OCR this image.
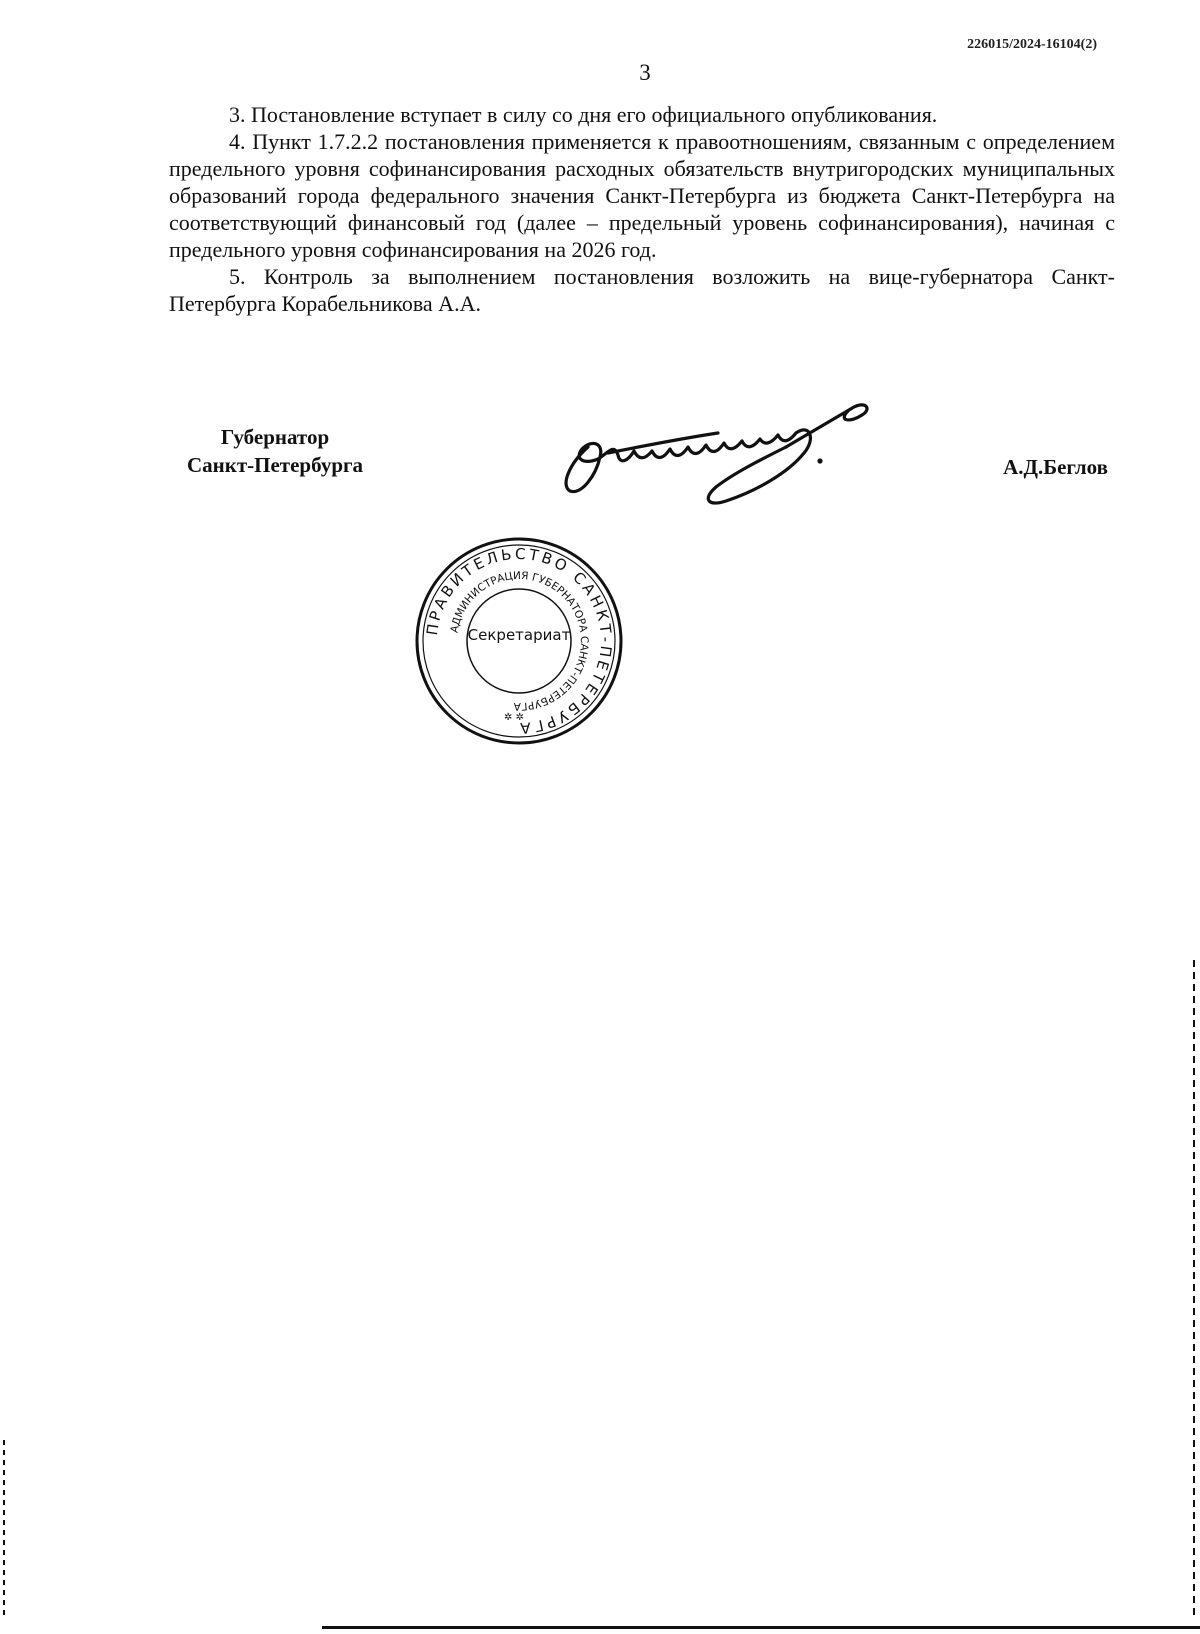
226015/2024-16104(2)
3

3. Постановление вступает в силу со дня его официального опубликования.

4. Пункт 1.7.2.2 постановления применяется к правоотношениям, связанным с определением предельного уровня софинансирования расходных обязательств внутригородских муниципальных образований города федерального значения Санкт-Петербурга из бюджета Санкт-Петербурга на соответствующий финансовый год (далее – предельный уровень софинансирования), начиная с предельного уровня софинансирования на 2026 год.

5. Контроль за выполнением постановления возложить на вице-губернатора Санкт-Петербурга Корабельникова А.А.

Губернатор
Санкт-Петербурга	А.Д.Беглов
ПРАВИТЕЛЬСТВО САНКТ-ПЕТЕРБУРГА
АДМИНИСТРАЦИЯ ГУБЕРНАТОРА САНКТ-ПЕТЕРБУРГА
✲ ✲
Секретариат
